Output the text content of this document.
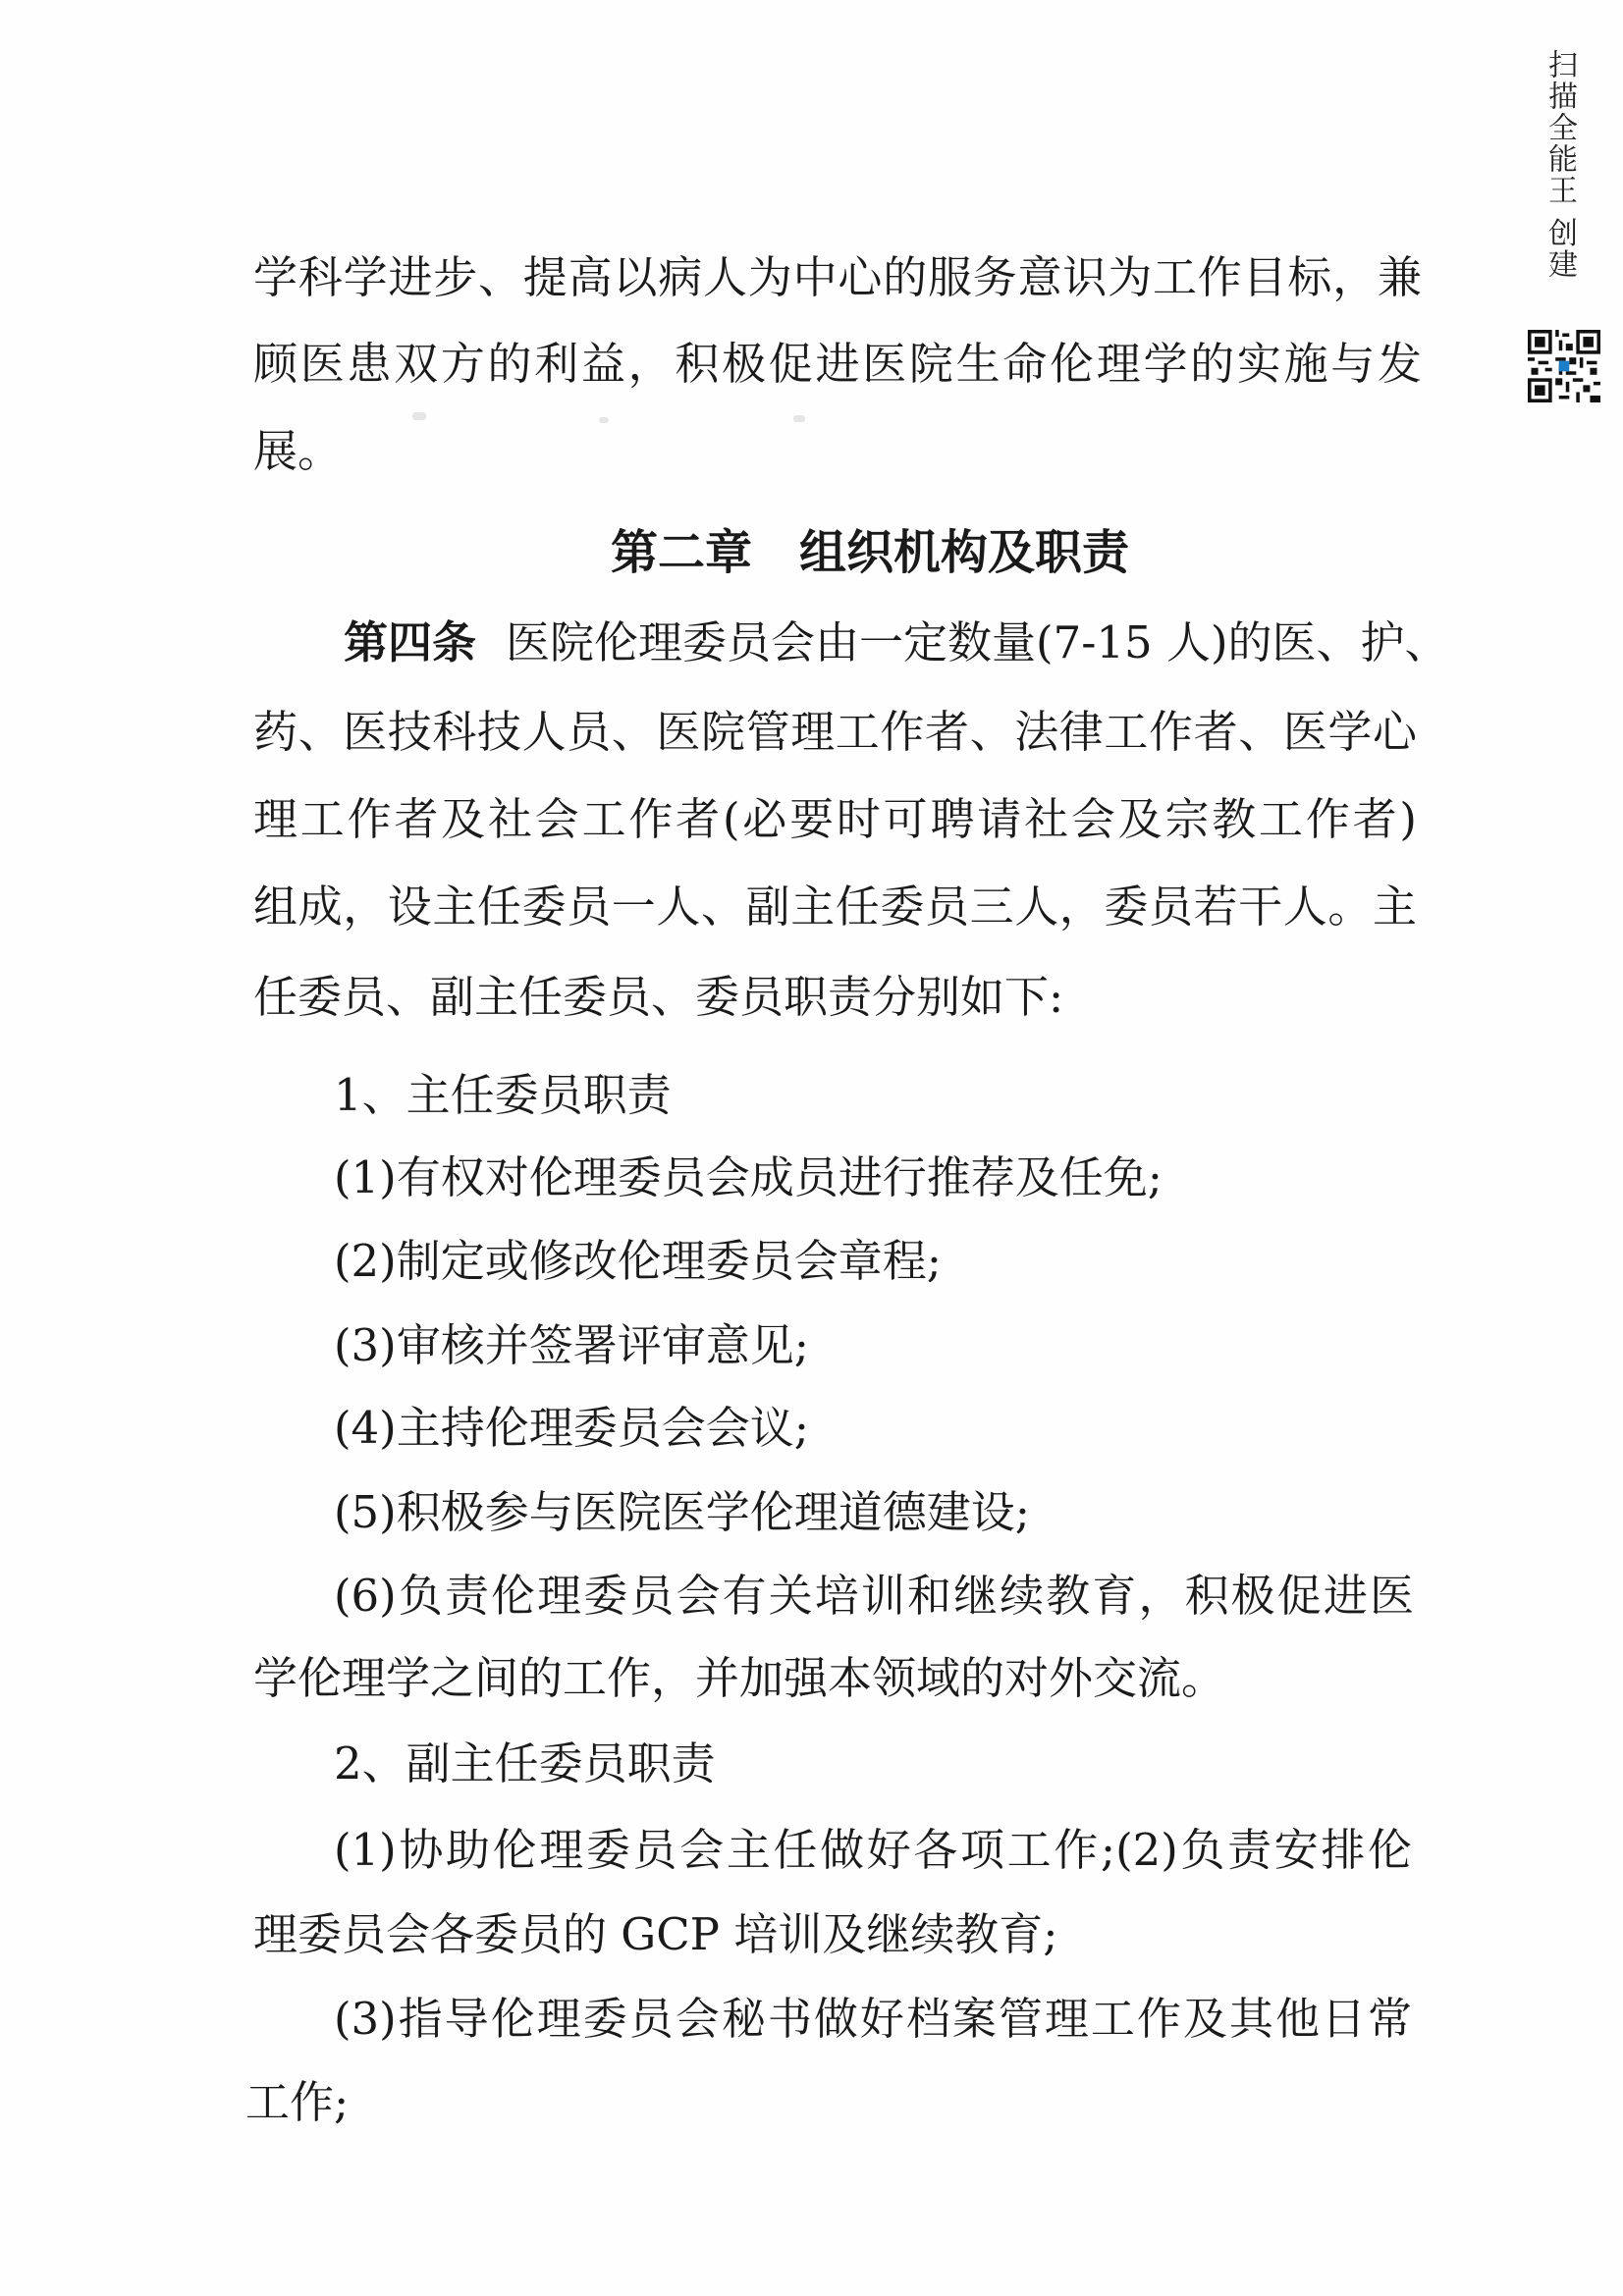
扫描全能王 创建
学科学进步、提高以病人为中心的服务意识为工作目标，兼
顾医患双方的利益，积极促进医院生命伦理学的实施与发
展。
第二章　组织机构及职责
第四条 医院伦理委员会由一定数量(7-15 人)的医、护、
药、医技科技人员、医院管理工作者、法律工作者、医学心
理工作者及社会工作者(必要时可聘请社会及宗教工作者)
组成，设主任委员一人、副主任委员三人，委员若干人。主
任委员、副主任委员、委员职责分别如下:
1、主任委员职责
(1)有权对伦理委员会成员进行推荐及任免;
(2)制定或修改伦理委员会章程;
(3)审核并签署评审意见;
(4)主持伦理委员会会议;
(5)积极参与医院医学伦理道德建设;
(6)负责伦理委员会有关培训和继续教育，积极促进医
学伦理学之间的工作，并加强本领域的对外交流。
2、副主任委员职责
(1)协助伦理委员会主任做好各项工作;(2)负责安排伦
理委员会各委员的 GCP 培训及继续教育;
(3)指导伦理委员会秘书做好档案管理工作及其他日常
工作;
